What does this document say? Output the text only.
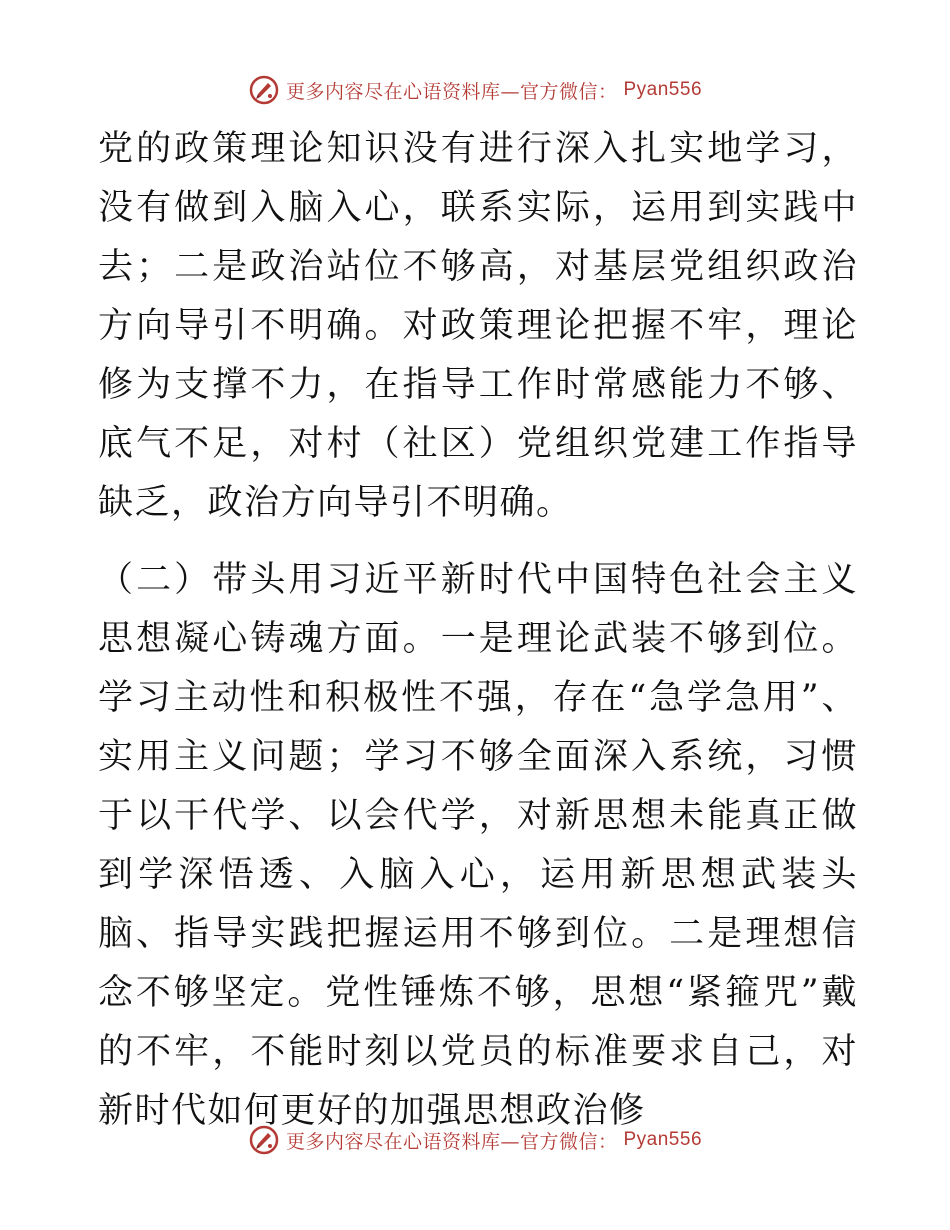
更多内容尽在心语资料库—官方微信： Pyan556

党的政策理论知识没有进行深入扎实地学习，没有做到入脑入心，联系实际，运用到实践中去；二是政治站位不够高，对基层党组织政治方向导引不明确。对政策理论把握不牢，理论修为支撑不力，在指导工作时常感能力不够、底气不足，对村（社区）党组织党建工作指导缺乏，政治方向导引不明确。

（二）带头用习近平新时代中国特色社会主义思想凝心铸魂方面。一是理论武装不够到位。学习主动性和积极性不强，存在“急学急用”、实用主义问题；学习不够全面深入系统，习惯于以干代学、以会代学，对新思想未能真正做到学深悟透、入脑入心，运用新思想武装头脑、指导实践把握运用不够到位。二是理想信念不够坚定。党性锤炼不够，思想“紧箍咒”戴的不牢，不能时刻以党员的标准要求自己，对新时代如何更好的加强思想政治修

更多内容尽在心语资料库—官方微信： Pyan556
